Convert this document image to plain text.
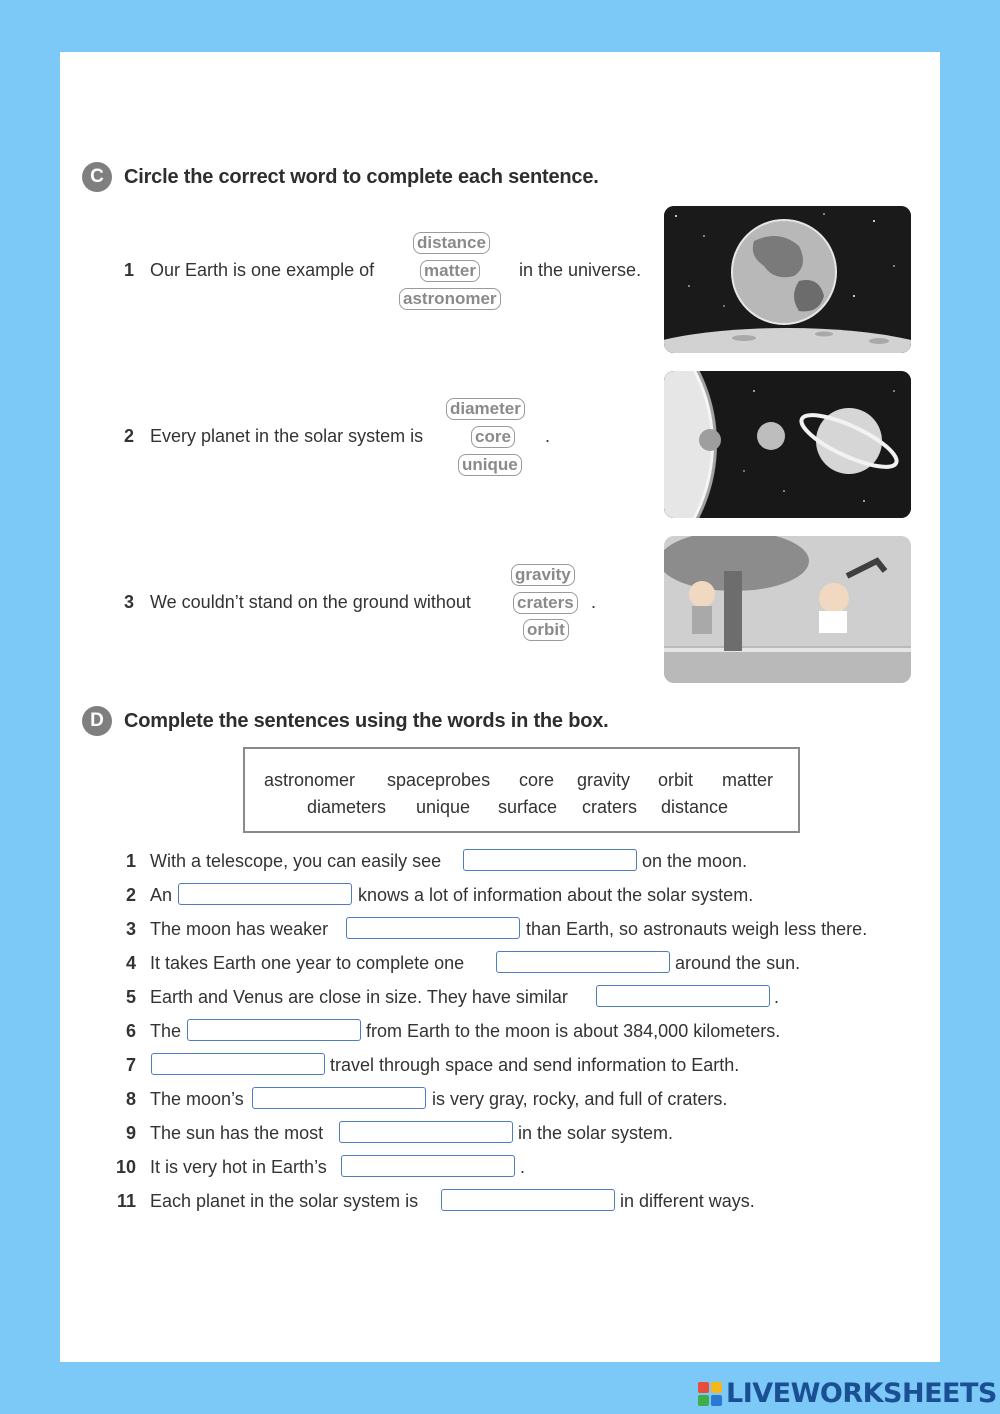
C	Circle the correct word to complete each sentence.
1 Our Earth is one example of
distance
matter
astronomer
in the universe.
2 Every planet in the solar system is
diameter
core
unique
.
3 We couldn’t stand on the ground without
gravity
craters
orbit
.
D	Complete the sentences using the words in the box.
astronomer spaceprobes core gravity orbit matter
diameters unique surface craters distance
1 With a telescope, you can easily see	on the moon.
2 An	knows a lot of information about the solar system.
3 The moon has weaker	than Earth, so astronauts weigh less there.
4 It takes Earth one year to complete one	around the sun.
5 Earth and Venus are close in size. They have similar	.
6 The	from Earth to the moon is about 384,000 kilometers.
7	travel through space and send information to Earth.
8 The moon’s	is very gray, rocky, and full of craters.
9 The sun has the most	in the solar system.
10 It is very hot in Earth’s	.
11 Each planet in the solar system is	in different ways.
LIVEWORKSHEETS
